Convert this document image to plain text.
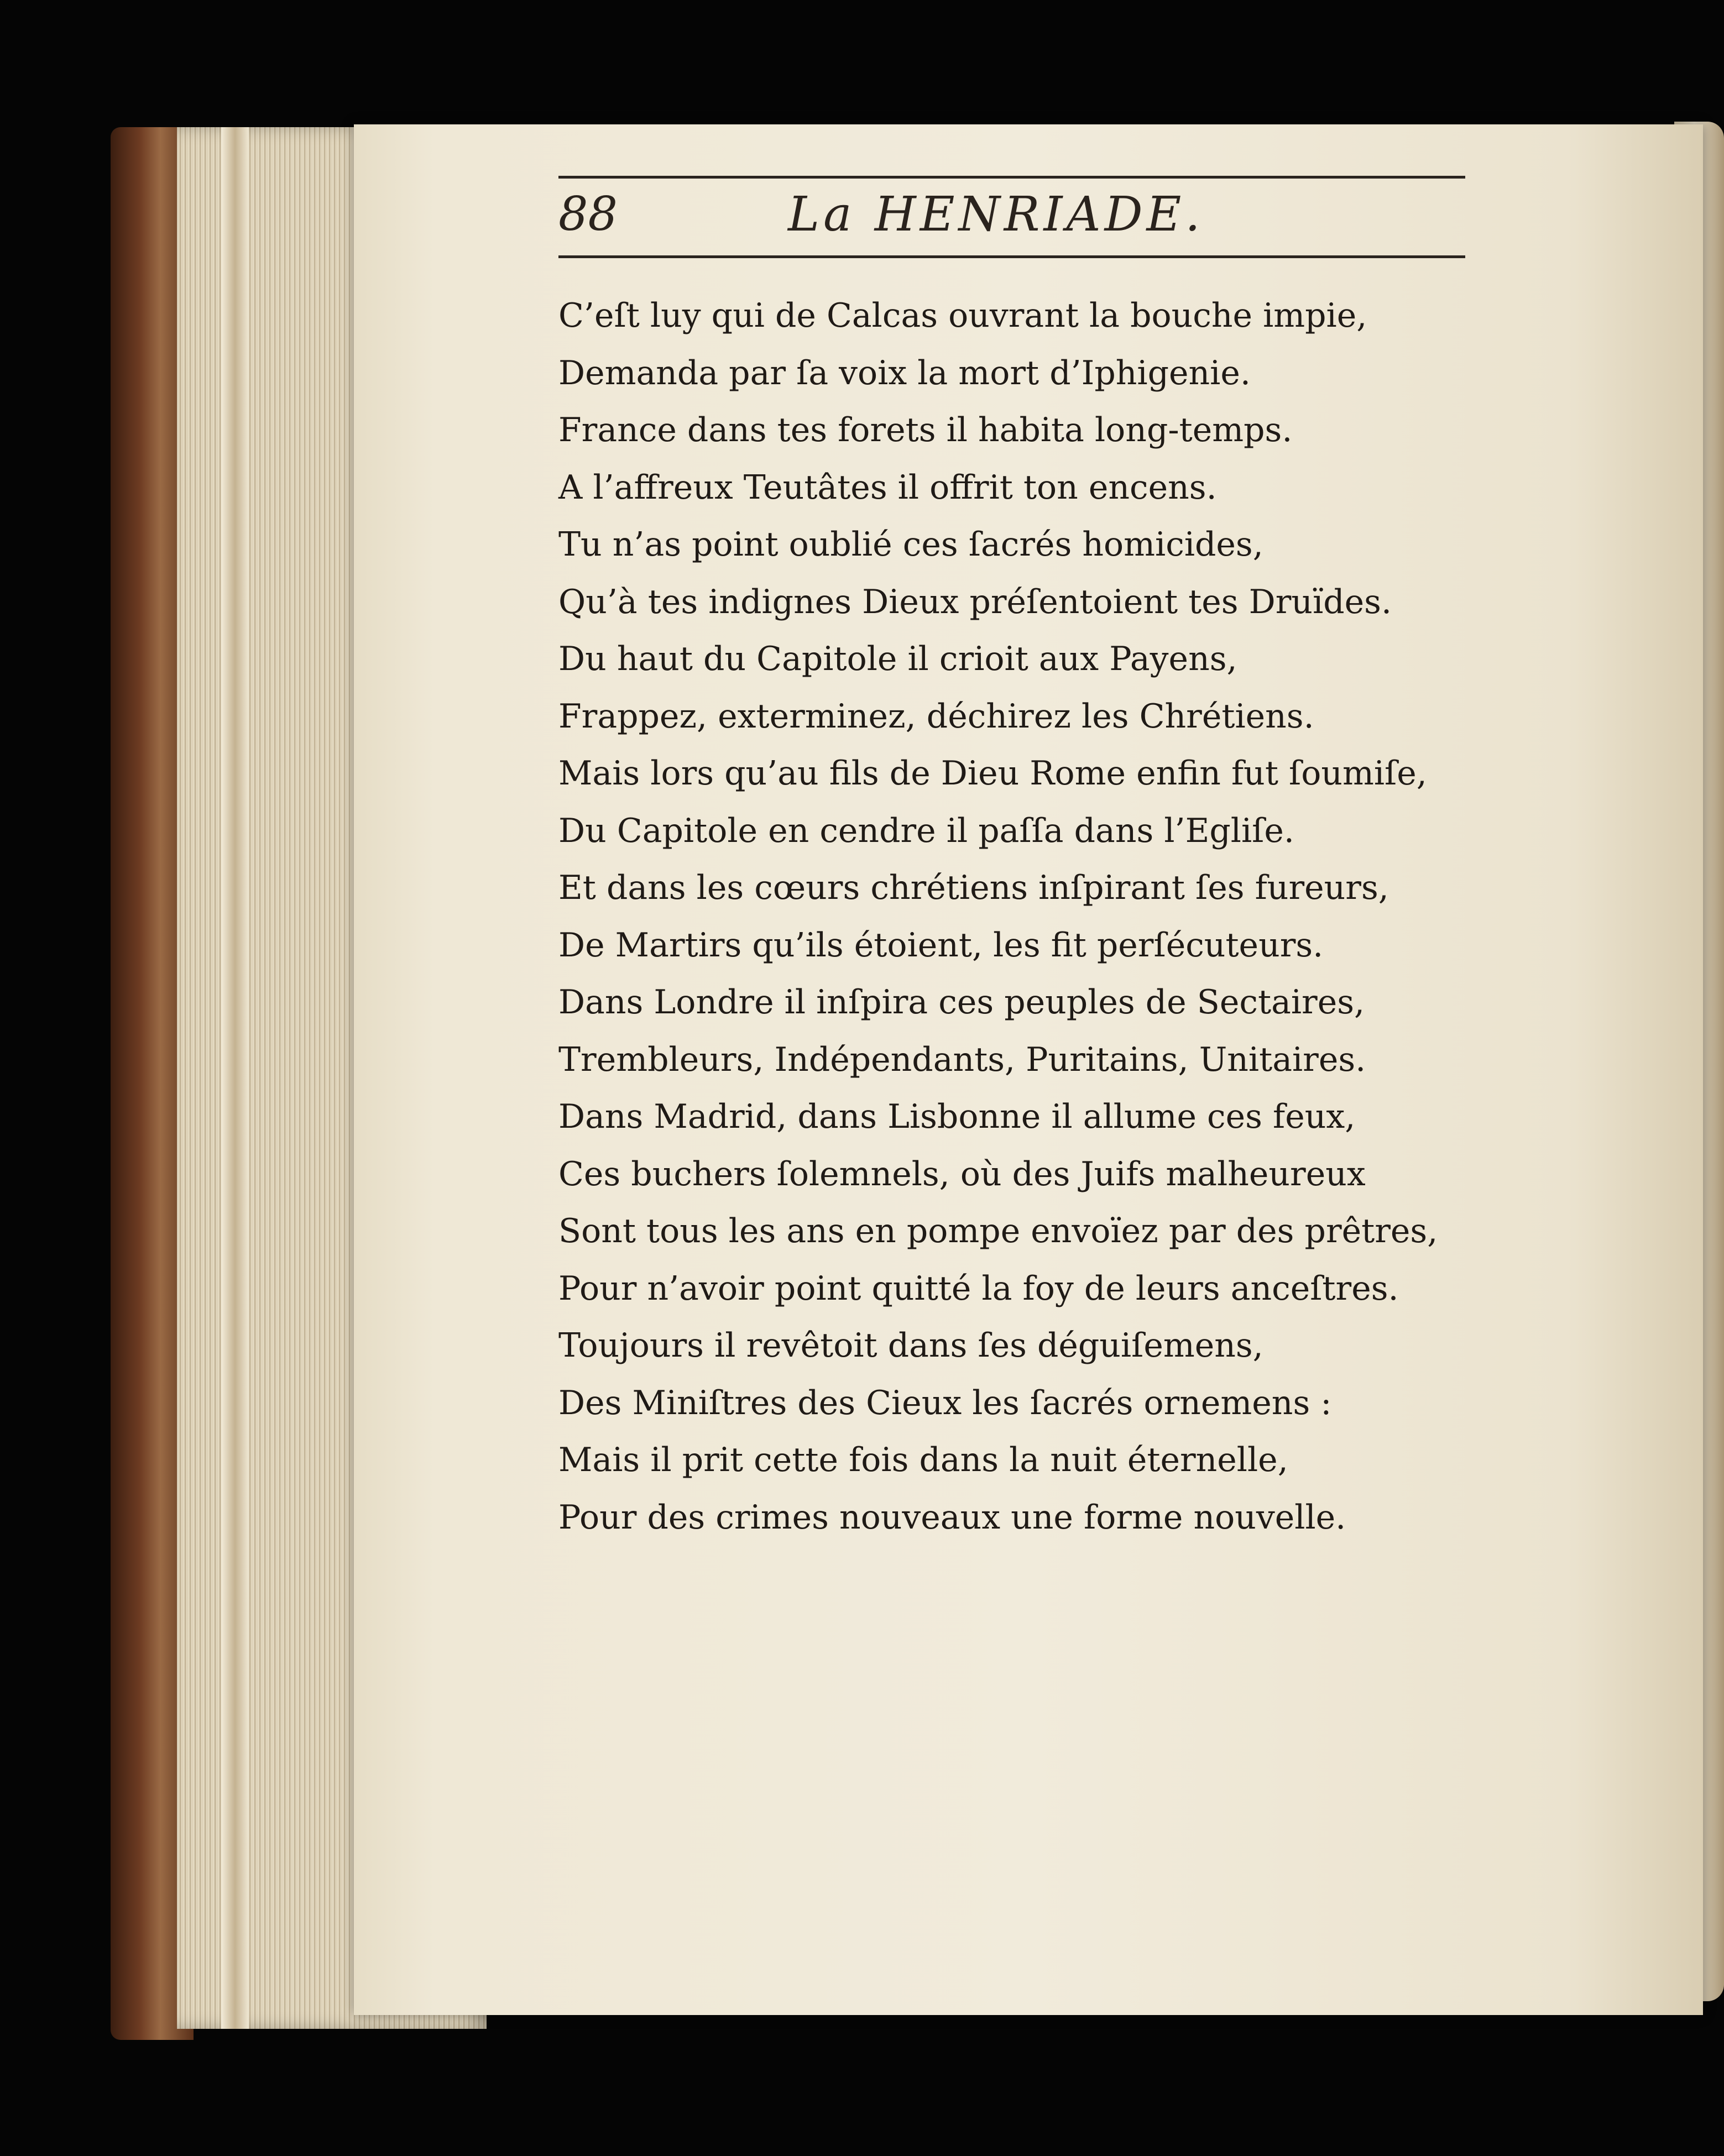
88	La HENRIADE.
C’eſt luy qui de Calcas ouvrant la bouche impie,
Demanda par ſa voix la mort d’Iphigenie.
France dans tes forets il habita long-temps.
A l’affreux Teutâtes il offrit ton encens.
Tu n’as point oublié ces ſacrés homicides,
Qu’à tes indignes Dieux préſentoient tes Druïdes.
Du haut du Capitole il crioit aux Payens,
Frappez, exterminez, déchirez les Chrétiens.
Mais lors qu’au fils de Dieu Rome enfin fut ſoumiſe,
Du Capitole en cendre il paſſa dans l’Egliſe.
Et dans les cœurs chrétiens inſpirant ſes fureurs,
De Martirs qu’ils étoient, les fit perſécuteurs.
Dans Londre il inſpira ces peuples de Sectaires,
Trembleurs, Indépendants, Puritains, Unitaires.
Dans Madrid, dans Lisbonne il allume ces feux,
Ces buchers ſolemnels, où des Juifs malheureux
Sont tous les ans en pompe envoïez par des prêtres,
Pour n’avoir point quitté la foy de leurs anceſtres.
Toujours il revêtoit dans ſes déguiſemens,
Des Miniſtres des Cieux les ſacrés ornemens :
Mais il prit cette fois dans la nuit éternelle,
Pour des crimes nouveaux une forme nouvelle.
